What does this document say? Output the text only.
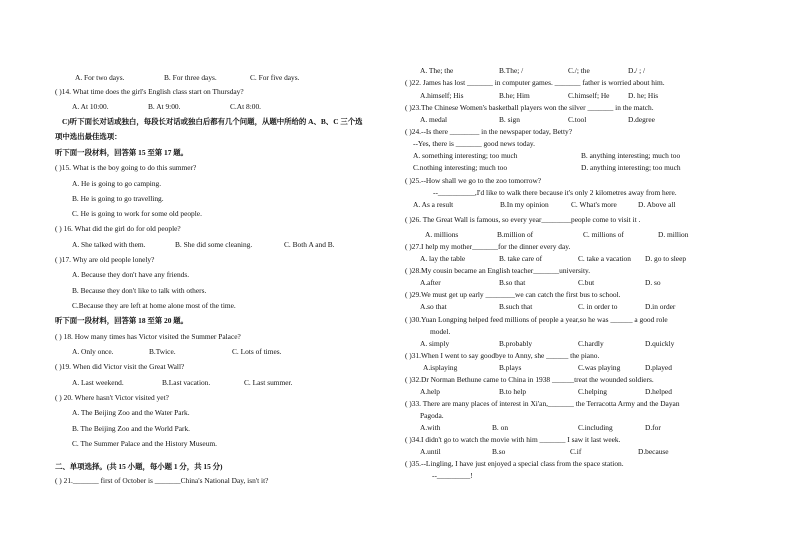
A. For two days.	B. For three days.	C. For five days.
( )14. What time does the girl's English class start on Thursday?
A. At 10:00.	B. At 9:00.	C.At 8:00.
C)听下面长对话或独白，每段长对话或独白后都有几个问题，从题中所给的 A、B、C 三个选
项中选出最佳选项：
听下面一段材料，回答第 15 至第 17 题。
( )15. What is the boy going to do this summer?
A. He is going to go camping.
B. He is going to go travelling.
C. He is going to work for some old people.
( ) 16. What did the girl do for old people?
A. She talked with them.	B. She did some cleaning.	C. Both A and B.
( )17. Why are old people lonely?
A. Because they don't have any friends.
B. Because they don't like to talk with others.
C.Because they are left at home alone most of the time.
听下面一段材料，回答第 18 至第 20 题。
( ) 18. How many times has Victor visited the Summer Palace?
A. Only once.	B.Twice.	C. Lots of times.
( )19. When did Victor visit the Great Wall?
A. Last weekend.	B.Last vacation.	C. Last summer.
( ) 20. Where hasn't Victor visited yet?
A. The Beijing Zoo and the Water Park.
B. The Beijing Zoo and the World Park.
C. The Summer Palace and the History Museum.
二、单项选择。(共 15 小题，每小题 1 分，共 15 分)
( ) 21._______ first of October is _______China's National Day, isn't it?
A. The; the	B.The; /	C./; the	D./ ; /
( )22. James has lost _______ in computer games. _______ father is worried about him.
A.himself; His	B.he; Him	C.himself; He	D. he; His
( )23.The Chinese Women's basketball players won the silver _______ in the match.
A. medal	B. sign	C.tool	D.degree
( )24.--Is there ________ in the newspaper today, Betty?
--Yes, there is _______ good news today.
A. something interesting; too much	B. anything interesting; much too
C.nothing interesting; much too	D. anything interesting; too much
( )25.--How shall we go to the zoo tomorrow?
--__________,I'd like to walk there because it's only 2 kilometres away from here.
A. As a result	B.In my opinion	C. What's more	D. Above all
( )26. The Great Wall is famous, so every year________people come to visit it .
A. millions	B.million of	C. millions of	D. million
( )27.I help my mother_______for the dinner every day.
A. lay the table	B. take care of	C. take a vacation D. go to sleep
( )28.My cousin became an English teacher_______university.
A.after	B.so that	C.but	D. so
( )29.We must get up early ________we can catch the first bus to school.
A.so that	B.such that	C. in order to	D.in order
( )30.Yuan Longping helped feed millions of people a year,so he was ______ a good role
model.
A. simply	B.probably	C.hardly	D.quickly
( )31.When I went to say goodbye to Anny, she ______ the piano.
A.isplaying	B.plays	C.was playing	D.played
( )32.Dr Norman Bethune came to China in 1938 ______treat the wounded soldiers.
A.help	B.to help	C.helping	D.helped
( )33. There are many places of interest in Xi'an,_______ the Terracotta Army and the Dayan
Pagoda.
A.with	B. on	C.including	D.for
( )34.I didn't go to watch the movie with him _______ I saw it last week.
A.until	B.so	C.if	D.because
( )35.--Lingling, I have just enjoyed a special class from the space station.
--_________!
